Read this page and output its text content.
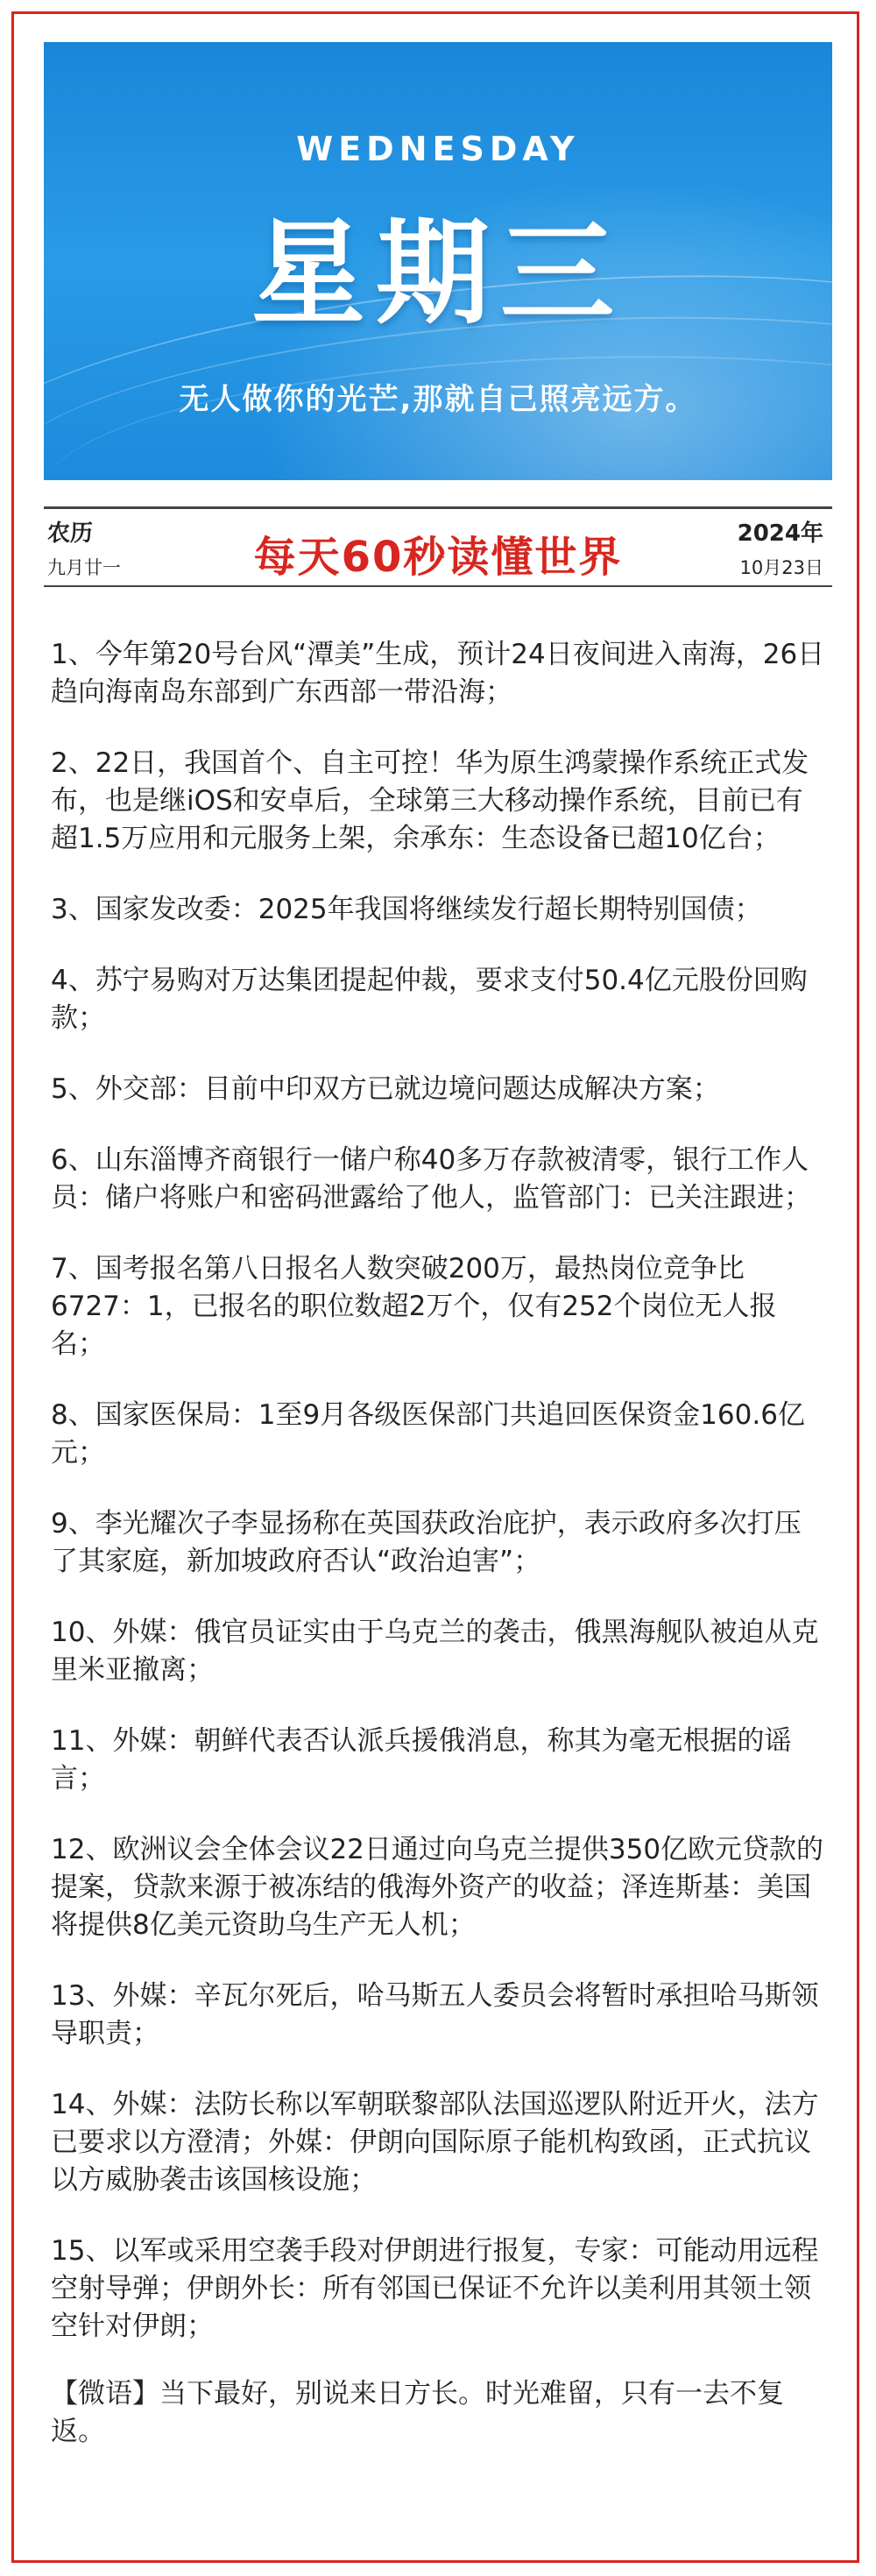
WEDNESDAY
星期三
无人做你的光芒,那就自己照亮远方。
农历
九月廿一	每天60秒读懂世界	2024年
10月23日
1、今年第20号台风“潭美”生成，预计24日夜间进入南海，26日趋向海南岛东部到广东西部一带沿海；
2、22日，我国首个、自主可控！华为原生鸿蒙操作系统正式发布，也是继iOS和安卓后，全球第三大移动操作系统，目前已有超1.5万应用和元服务上架，余承东：生态设备已超10亿台；
3、国家发改委：2025年我国将继续发行超长期特别国债；
4、苏宁易购对万达集团提起仲裁，要求支付50.4亿元股份回购款；
5、外交部：目前中印双方已就边境问题达成解决方案；
6、山东淄博齐商银行一储户称40多万存款被清零，银行工作人员：储户将账户和密码泄露给了他人，监管部门：已关注跟进；
7、国考报名第八日报名人数突破200万，最热岗位竞争比6727：1，已报名的职位数超2万个，仅有252个岗位无人报名；
8、国家医保局：1至9月各级医保部门共追回医保资金160.6亿元；
9、李光耀次子李显扬称在英国获政治庇护，表示政府多次打压了其家庭，新加坡政府否认“政治迫害”；
10、外媒：俄官员证实由于乌克兰的袭击，俄黑海舰队被迫从克里米亚撤离；
11、外媒：朝鲜代表否认派兵援俄消息，称其为毫无根据的谣言；
12、欧洲议会全体会议22日通过向乌克兰提供350亿欧元贷款的提案，贷款来源于被冻结的俄海外资产的收益；泽连斯基：美国将提供8亿美元资助乌生产无人机；
13、外媒：辛瓦尔死后，哈马斯五人委员会将暂时承担哈马斯领导职责；
14、外媒：法防长称以军朝联黎部队法国巡逻队附近开火，法方已要求以方澄清；外媒：伊朗向国际原子能机构致函，正式抗议以方威胁袭击该国核设施；
15、以军或采用空袭手段对伊朗进行报复，专家：可能动用远程空射导弹；伊朗外长：所有邻国已保证不允许以美利用其领土领空针对伊朗；
【微语】当下最好，别说来日方长。时光难留，只有一去不复返。
